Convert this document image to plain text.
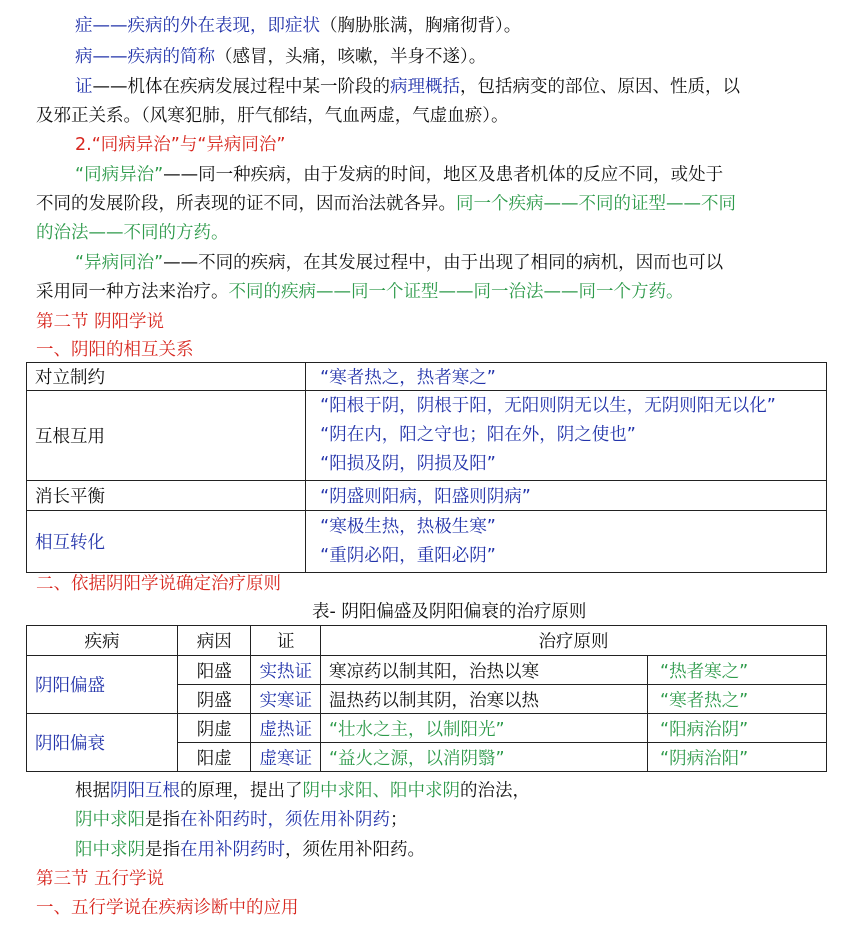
症——疾病的外在表现，即症状（胸胁胀满，胸痛彻背）。
病——疾病的简称（感冒，头痛，咳嗽，半身不遂）。
证——机体在疾病发展过程中某一阶段的病理概括，包括病变的部位、原因、性质，以
及邪正关系。（风寒犯肺，肝气郁结，气血两虚，气虚血瘀）。
2.“同病异治”与“异病同治”
“同病异治”——同一种疾病，由于发病的时间，地区及患者机体的反应不同，或处于
不同的发展阶段，所表现的证不同，因而治法就各异。同一个疾病——不同的证型——不同
的治法——不同的方药。
“异病同治”——不同的疾病，在其发展过程中，由于出现了相同的病机，因而也可以
采用同一种方法来治疗。不同的疾病——同一个证型——同一治法——同一个方药。
第二节 阴阳学说
一、阴阳的相互关系
对立制约	“寒者热之，热者寒之”
互根互用	“阳根于阴，阴根于阳，无阳则阴无以生，无阴则阳无以化”
“阴在内，阳之守也；阳在外，阴之使也”
“阳损及阴，阴损及阳”

消长平衡	“阴盛则阳病，阳盛则阴病”
相互转化	“寒极生热，热极生寒”
“重阴必阳，重阳必阴”
二、依据阴阳学说确定治疗原则
表- 阴阳偏盛及阴阳偏衰的治疗原则
疾病	病因	证	治疗原则	
阴阳偏盛	阳盛	实热证	寒凉药以制其阳，治热以寒	“热者寒之”
	阴盛	实寒证	温热药以制其阴，治寒以热	“寒者热之”
阴阳偏衰	阴虚	虚热证	“壮水之主，以制阳光”	“阳病治阴”
	阳虚	虚寒证	“益火之源，以消阴翳”	“阴病治阳”
根据阴阳互根的原理，提出了阴中求阳、阳中求阴的治法，
阴中求阳是指在补阳药时，须佐用补阴药；
阳中求阴是指在用补阴药时，须佐用补阳药。
第三节 五行学说
一、五行学说在疾病诊断中的应用
